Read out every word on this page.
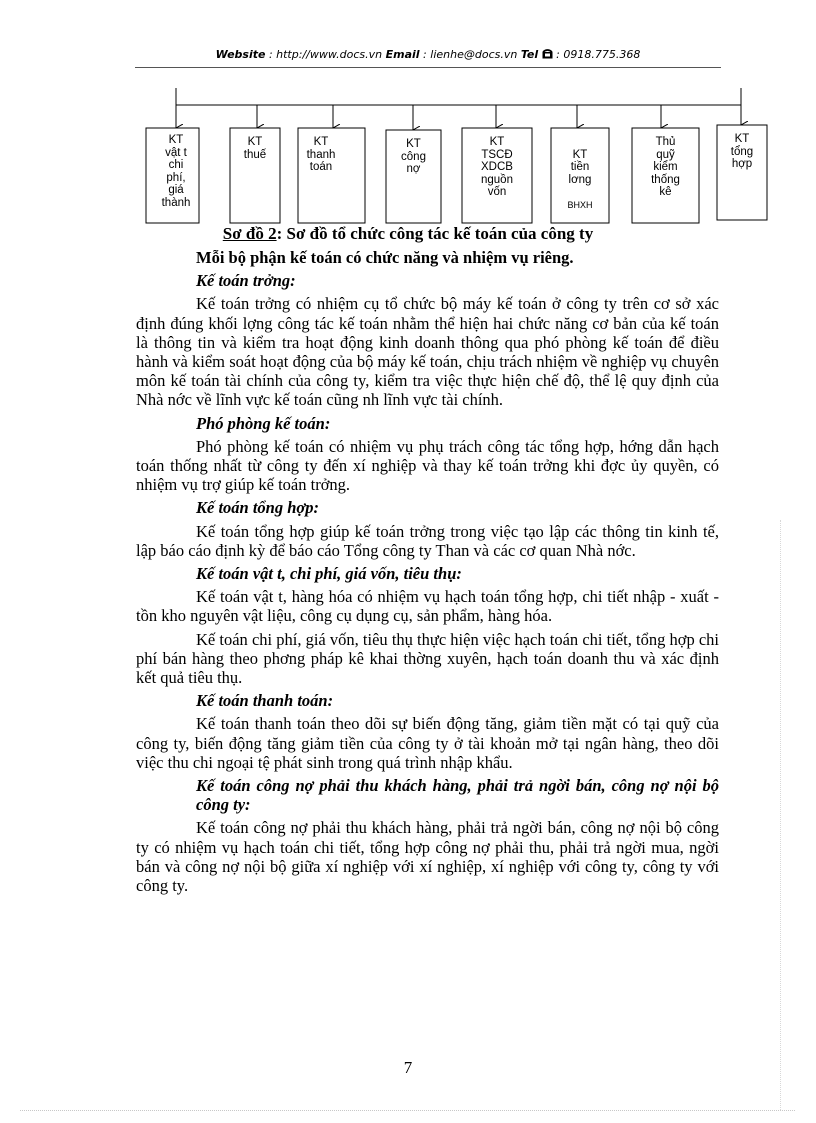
Website : http://www.docs.vn Email : lienhe@docs.vn Tel  : 0918.775.368
KT
vật t
chi
phí,
giá
thành
KT
thuế
KT
thanh
toán
KT
công
nợ
KT
TSCĐ
XDCB
nguồn
vốn

KT
tiền
lơng

BHXH

Thủ
quỹ
kiểm
thống
kê
KT
tổng
hợp
Sơ đồ 2: Sơ đồ tổ chức công tác kế toán của công ty

Mỗi bộ phận kế toán có chức năng và nhiệm vụ riêng.

Kế toán trởng:

Kế toán trởng có nhiệm cụ tổ chức bộ máy kế toán ở công ty trên cơ sở xác định đúng khối lợng công tác kế toán nhằm thể hiện hai chức năng cơ bản của kế toán là thông tin và kiểm tra hoạt động kinh doanh thông qua phó phòng kế toán để điều hành và kiểm soát hoạt động của bộ máy kế toán, chịu trách nhiệm về nghiệp vụ chuyên môn kế toán tài chính của công ty, kiểm tra việc thực hiện chế độ, thể lệ quy định của Nhà nớc về lĩnh vực kế toán cũng nh lĩnh vực tài chính.

Phó phòng kế toán:

Phó phòng kế toán có nhiệm vụ phụ trách công tác tổng hợp, hớng dẫn hạch toán thống nhất từ công ty đến xí nghiệp và thay kế toán trởng khi đợc ủy quyền, có nhiệm vụ trợ giúp kế toán trởng.

Kế toán tổng hợp:

Kế toán tổng hợp giúp kế toán trởng trong việc tạo lập các thông tin kinh tế, lập báo cáo định kỳ để báo cáo Tổng công ty Than và các cơ quan Nhà nớc.

Kế toán vật t, chi phí, giá vốn, tiêu thụ:

Kế toán vật t, hàng hóa có nhiệm vụ hạch toán tổng hợp, chi tiết nhập - xuất -tồn kho nguyên vật liệu, công cụ dụng cụ, sản phẩm, hàng hóa.

Kế toán chi phí, giá vốn, tiêu thụ thực hiện việc hạch toán chi tiết, tổng hợp chi phí bán hàng theo phơng pháp kê khai thờng xuyên, hạch toán doanh thu và xác định kết quả tiêu thụ.

Kế toán thanh toán:

Kế toán thanh toán theo dõi sự biến động tăng, giảm tiền mặt có tại quỹ của công ty, biến động tăng giảm tiền của công ty ở tài khoản mở tại ngân hàng, theo dõi việc thu chi ngoại tệ phát sinh trong quá trình nhập khẩu.

Kế toán công nợ phải thu khách hàng, phải trả ngời bán, công nợ nội bộ công ty:

Kế toán công nợ phải thu khách hàng, phải trả ngời bán, công nợ nội bộ công ty có nhiệm vụ hạch toán chi tiết, tổng hợp công nợ phải thu, phải trả ngời mua, ngời bán và công nợ nội bộ giữa xí nghiệp với xí nghiệp, xí nghiệp với công ty, công ty với công ty.

7
